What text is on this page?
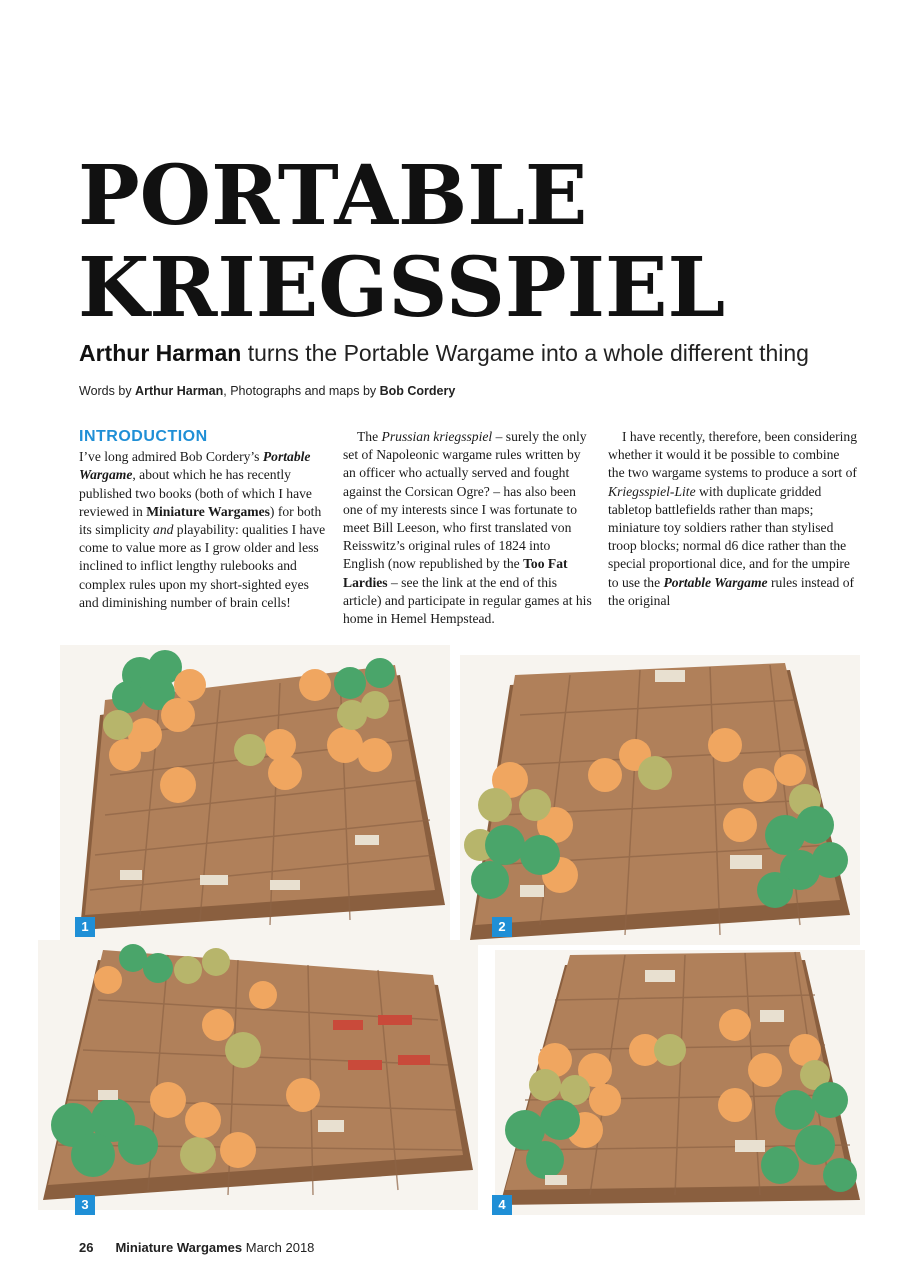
PORTABLE
KRIEGSSPIEL
Arthur Harman turns the Portable Wargame into a whole different thing
Words by Arthur Harman, Photographs and maps by Bob Cordery
INTRODUCTION

I’ve long admired Bob Cordery’s Portable Wargame, about which he has recently published two books (both of which I have reviewed in Miniature Wargames) for both its simplicity and playability: qualities I have come to value more as I grow older and less inclined to inflict lengthy rulebooks and complex rules upon my short-sighted eyes and diminishing number of brain cells!

The Prussian kriegsspiel – surely the only set of Napoleonic wargame rules written by an officer who actually served and fought against the Corsican Ogre? – has also been one of my interests since I was fortunate to meet Bill Leeson, who first translated von Reisswitz’s original rules of 1824 into English (now republished by the Too Fat Lardies – see the link at the end of this article) and participate in regular games at his home in Hemel Hempstead.

I have recently, therefore, been considering whether it would it be possible to combine the two wargame systems to produce a sort of Kriegsspiel-Lite with duplicate gridded tabletop battlefields rather than maps; miniature toy soldiers rather than stylised troop blocks; normal d6 dice rather than the special proportional dice, and for the umpire to use the Portable Wargame rules instead of the original

1	2
3	4
26 Miniature Wargames March 2018
